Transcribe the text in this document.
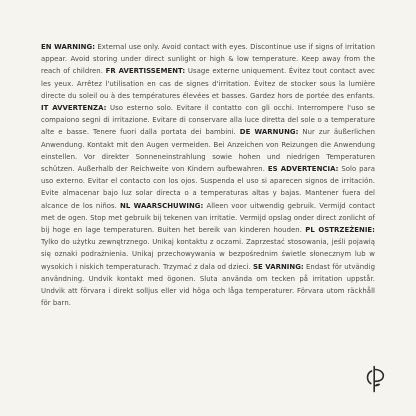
EN WARNING: External use only. Avoid contact with eyes. Discontinue use if signs of irritation appear. Avoid storing under direct sunlight or high & low temperature. Keep away from the reach of children. FR AVERTISSEMENT: Usage externe uniquement. Évitez tout contact avec les yeux. Arrêtez l'utilisation en cas de signes d'irritation. Évitez de stocker sous la lumière directe du soleil ou à des températures élevées et basses. Gardez hors de portée des enfants. IT AVVERTENZA: Uso esterno solo. Evitare il contatto con gli occhi. Interrompere l'uso se compaiono segni di irritazione. Evitare di conservare alla luce diretta del sole o a temperature alte e basse. Tenere fuori dalla portata dei bambini. DE WARNUNG: Nur zur äußerlichen Anwendung. Kontakt mit den Augen vermeiden. Bei Anzeichen von Reizungen die Anwendung einstellen. Vor direkter Sonneneinstrahlung sowie hohen und niedrigen Temperaturen schützen. Außerhalb der Reichweite von Kindern aufbewahren. ES ADVERTENCIA: Solo para uso externo. Evitar el contacto con los ojos. Suspenda el uso si aparecen signos de irritación. Evite almacenar bajo luz solar directa o a temperaturas altas y bajas. Mantener fuera del alcance de los niños. NL WAARSCHUWING: Alleen voor uitwendig gebruik. Vermijd contact met de ogen. Stop met gebruik bij tekenen van irritatie. Vermijd opslag onder direct zonlicht of bij hoge en lage temperaturen. Buiten het bereik van kinderen houden. PL OSTRZEŻENIE: Tylko do użytku zewnętrznego. Unikaj kontaktu z oczami. Zaprzestać stosowania, jeśli pojawią się oznaki podrażnienia. Unikaj przechowywania w bezpośrednim świetle słonecznym lub w wysokich i niskich temperaturach. Trzymać z dala od dzieci. SE VARNING: Endast för utvändig användning. Undvik kontakt med ögonen. Sluta använda om tecken på irritation uppstår. Undvik att förvara i direkt solljus eller vid höga och låga temperaturer. Förvara utom räckhåll för barn.
